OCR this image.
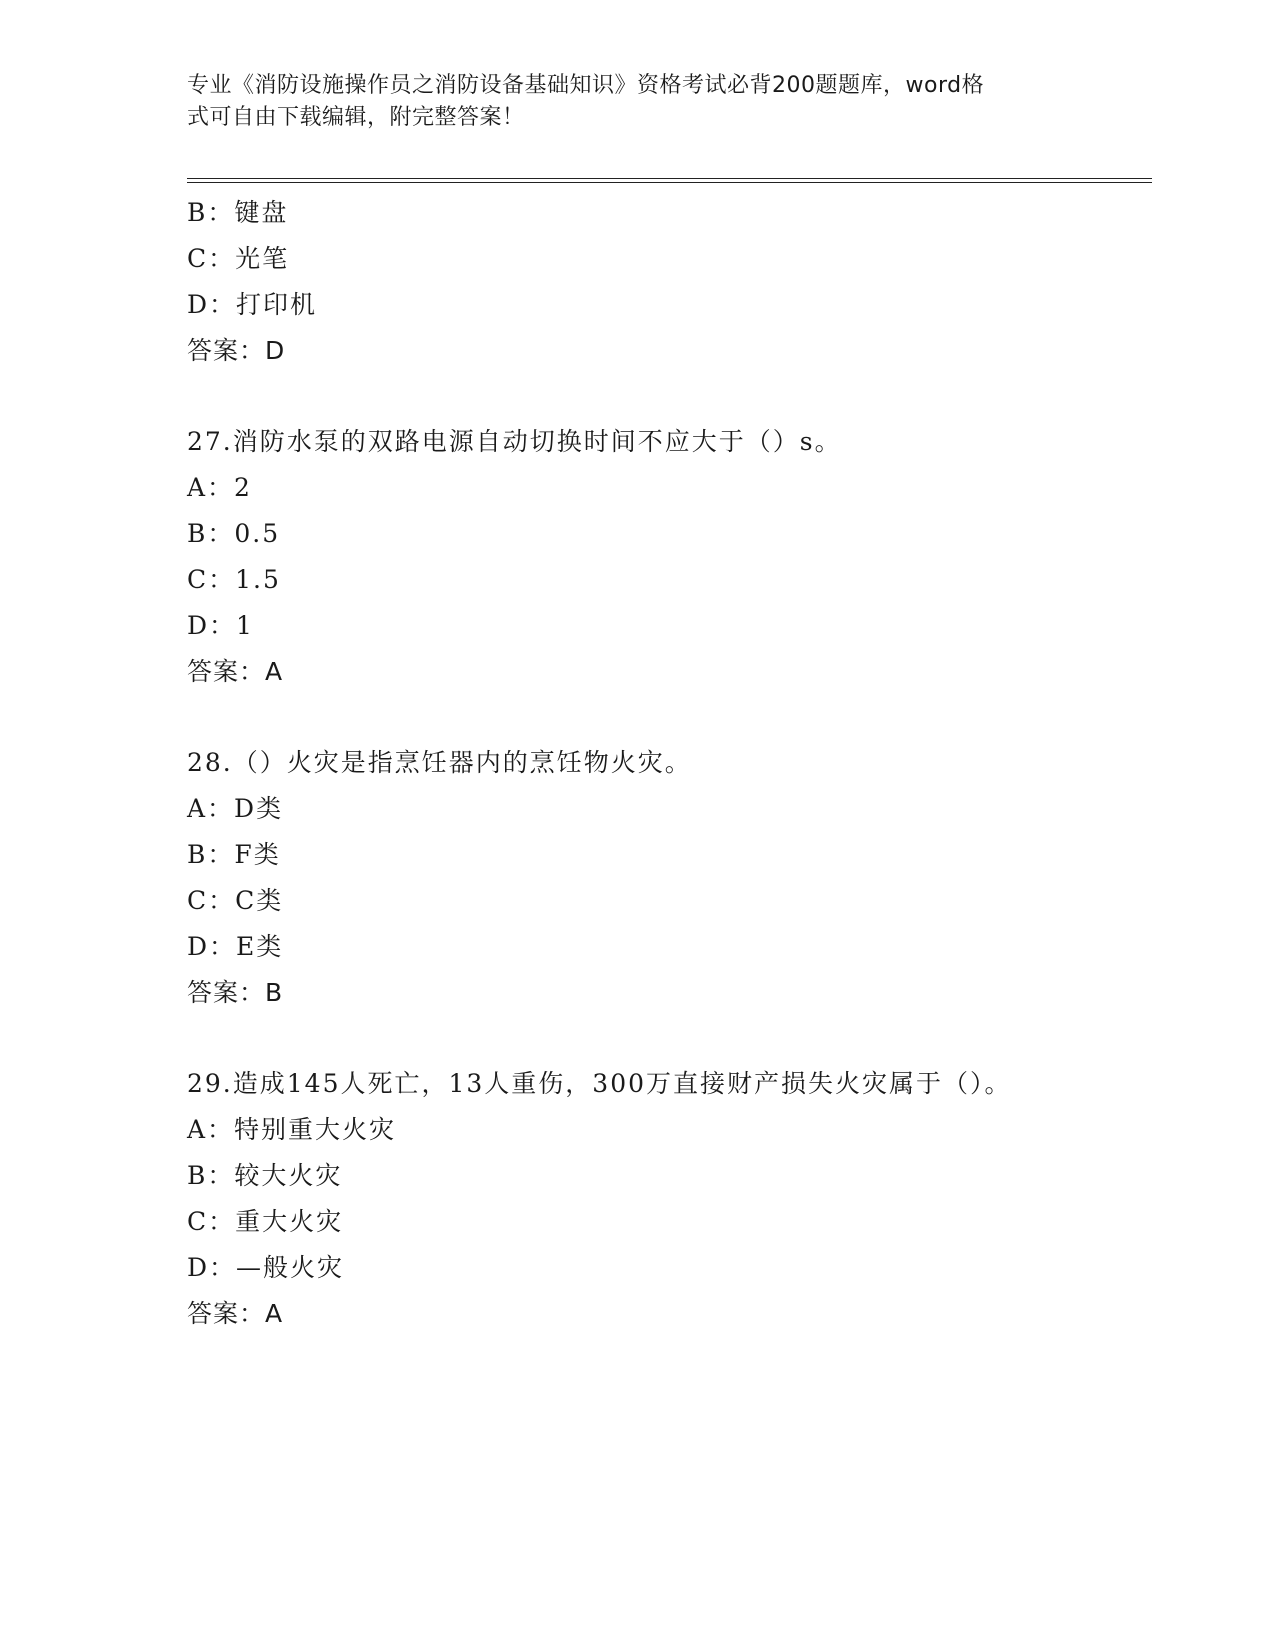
专业《消防设施操作员之消防设备基础知识》资格考试必背200题题库，word格
式可自由下载编辑，附完整答案！
B：键盘
C：光笔
D：打印机
答案：D
27.消防水泵的双路电源自动切换时间不应大于（）s。
A：2
B：0.5
C：1.5
D：1
答案：A
28.（）火灾是指烹饪器内的烹饪物火灾。
A：D类
B：F类
C：C类
D：E类
答案：B
29.造成145人死亡，13人重伤，300万直接财产损失火灾属于（）。
A：特别重大火灾
B：较大火灾
C：重大火灾
D：—般火灾
答案：A
